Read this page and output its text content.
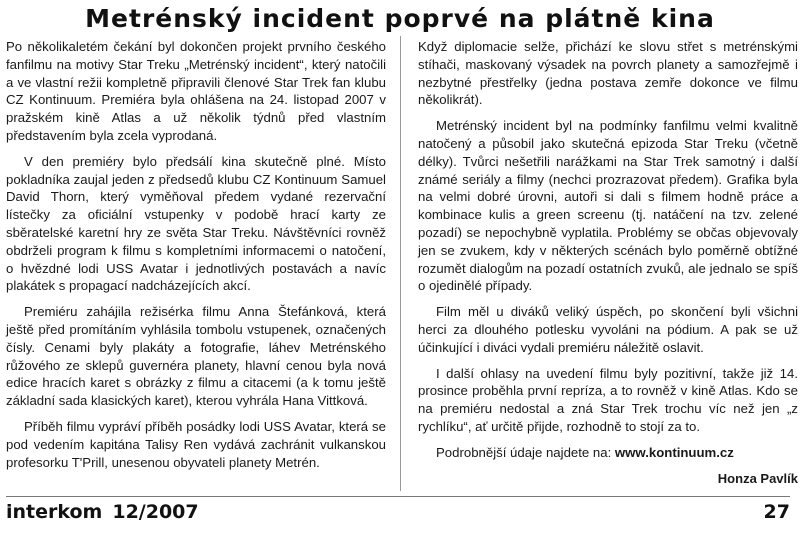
Metrénský incident poprvé na plátně kina

Po několikaletém čekání byl dokončen projekt prvního českého fanfilmu na motivy Star Treku „Metrénský incident“, který natočili a ve vlastní režii kompletně připravili členové Star Trek fan klubu CZ Kontinuum. Premiéra byla ohlášena na 24. listopad 2007 v pražském kině Atlas a už několik týdnů před vlastním představením byla zcela vyprodaná.

V den premiéry bylo předsálí kina skutečně plné. Místo pokladníka zaujal jeden z předsedů klubu CZ Kontinuum Samuel David Thorn, který vyměňoval předem vydané rezervační lístečky za oficiální vstupenky v podobě hrací karty ze sběratelské karetní hry ze světa Star Treku. Návštěvníci rovněž obdrželi program k filmu s kompletními informacemi o natočení, o hvězdné lodi USS Avatar i jednotlivých postavách a navíc plakátek s propagací nadcházejících akcí.

Premiéru zahájila režisérka filmu Anna Štefánková, která ještě před promítáním vyhlásila tombolu vstupenek, označených čísly. Cenami byly plakáty a fotografie, láhev Metrénského růžového ze sklepů guvernéra planety, hlavní cenou byla nová edice hracích karet s obrázky z filmu a citacemi (a k tomu ještě základní sada klasických karet), kterou vyhrála Hana Vittková.

Příběh filmu vypráví příběh posádky lodi USS Avatar, která se pod vedením kapitána Talisy Ren vydává zachránit vulkanskou profesorku T'Prill, unesenou obyvateli planety Metrén.

Když diplomacie selže, přichází ke slovu střet s metrénskými stíhači, maskovaný výsadek na povrch planety a samozřejmě i nezbytné přestřelky (jedna postava zemře dokonce ve filmu několikrát).

Metrénský incident byl na podmínky fanfilmu velmi kvalitně natočený a působil jako skutečná epizoda Star Treku (včetně délky). Tvůrci nešetřili narážkami na Star Trek samotný i další známé seriály a filmy (nechci prozrazovat předem). Grafika byla na velmi dobré úrovni, autoři si dali s filmem hodně práce a kombinace kulis a green screenu (tj. natáčení na tzv. zelené pozadí) se nepochybně vyplatila. Problémy se občas objevovaly jen se zvukem, kdy v některých scénách bylo poměrně obtížné rozumět dialogům na pozadí ostatních zvuků, ale jednalo se spíš o ojedinělé případy.

Film měl u diváků veliký úspěch, po skončení byli všichni herci za dlouhého potlesku vyvoláni na pódium. A pak se už účinkující i diváci vydali premiéru náležitě oslavit.

I další ohlasy na uvedení filmu byly pozitivní, takže již 14. prosince proběhla první repríza, a to rovněž v kině Atlas. Kdo se na premiéru nedostal a zná Star Trek trochu víc než jen „z rychlíku“, ať určitě přijde, rozhodně to stojí za to.

Podrobnější údaje najdete na: www.kontinuum.cz

Honza Pavlík
interkom 12/2007	27
